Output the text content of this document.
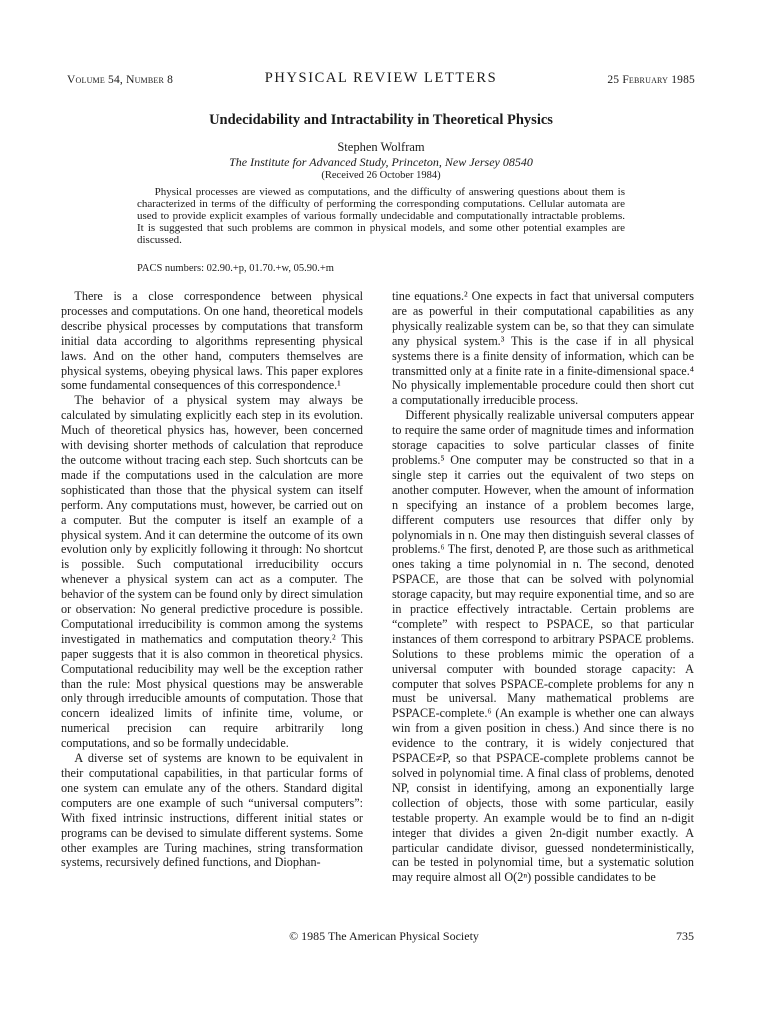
Volume 54, Number 8	PHYSICAL REVIEW LETTERS	25 February 1985
Undecidability and Intractability in Theoretical Physics
Stephen Wolfram
The Institute for Advanced Study, Princeton, New Jersey 08540
(Received 26 October 1984)
Physical processes are viewed as computations, and the difficulty of answering questions about them is characterized in terms of the difficulty of performing the corresponding computations. Cellular automata are used to provide explicit examples of various formally undecidable and computationally intractable problems. It is suggested that such problems are common in physical models, and some other potential examples are discussed.
PACS numbers: 02.90.+p, 01.70.+w, 05.90.+m

There is a close correspondence between physical processes and computations. On one hand, theoretical models describe physical processes by computations that transform initial data according to algorithms representing physical laws. And on the other hand, computers themselves are physical systems, obeying physical laws. This paper explores some fundamental consequences of this correspondence.¹

The behavior of a physical system may always be calculated by simulating explicitly each step in its evolution. Much of theoretical physics has, however, been concerned with devising shorter methods of calculation that reproduce the outcome without tracing each step. Such shortcuts can be made if the computations used in the calculation are more sophisticated than those that the physical system can itself perform. Any computations must, however, be carried out on a computer. But the computer is itself an example of a physical system. And it can determine the outcome of its own evolution only by explicitly following it through: No shortcut is possible. Such computational irreducibility occurs whenever a physical system can act as a computer. The behavior of the system can be found only by direct simulation or observation: No general predictive procedure is possible. Computational irreducibility is common among the systems investigated in mathematics and computation theory.² This paper suggests that it is also common in theoretical physics. Computational reducibility may well be the exception rather than the rule: Most physical questions may be answerable only through irreducible amounts of computation. Those that concern idealized limits of infinite time, volume, or numerical precision can require arbitrarily long computations, and so be formally undecidable.

A diverse set of systems are known to be equivalent in their computational capabilities, in that particular forms of one system can emulate any of the others. Standard digital computers are one example of such “universal computers”: With fixed intrinsic instructions, different initial states or programs can be devised to simulate different systems. Some other examples are Turing machines, string transformation systems, recursively defined functions, and Diophan-

tine equations.² One expects in fact that universal computers are as powerful in their computational capabilities as any physically realizable system can be, so that they can simulate any physical system.³ This is the case if in all physical systems there is a finite density of information, which can be transmitted only at a finite rate in a finite-dimensional space.⁴ No physically implementable procedure could then short cut a computationally irreducible process.

Different physically realizable universal computers appear to require the same order of magnitude times and information storage capacities to solve particular classes of finite problems.⁵ One computer may be constructed so that in a single step it carries out the equivalent of two steps on another computer. However, when the amount of information n specifying an instance of a problem becomes large, different computers use resources that differ only by polynomials in n. One may then distinguish several classes of problems.⁶ The first, denoted P, are those such as arithmetical ones taking a time polynomial in n. The second, denoted PSPACE, are those that can be solved with polynomial storage capacity, but may require exponential time, and so are in practice effectively intractable. Certain problems are “complete” with respect to PSPACE, so that particular instances of them correspond to arbitrary PSPACE problems. Solutions to these problems mimic the operation of a universal computer with bounded storage capacity: A computer that solves PSPACE-complete problems for any n must be universal. Many mathematical problems are PSPACE-complete.⁶ (An example is whether one can always win from a given position in chess.) And since there is no evidence to the contrary, it is widely conjectured that PSPACE≠P, so that PSPACE-complete problems cannot be solved in polynomial time. A final class of problems, denoted NP, consist in identifying, among an exponentially large collection of objects, those with some particular, easily testable property. An example would be to find an n-digit integer that divides a given 2n-digit number exactly. A particular candidate divisor, guessed nondeterministically, can be tested in polynomial time, but a systematic solution may require almost all O(2ⁿ) possible candidates to be

© 1985 The American Physical Society	735
